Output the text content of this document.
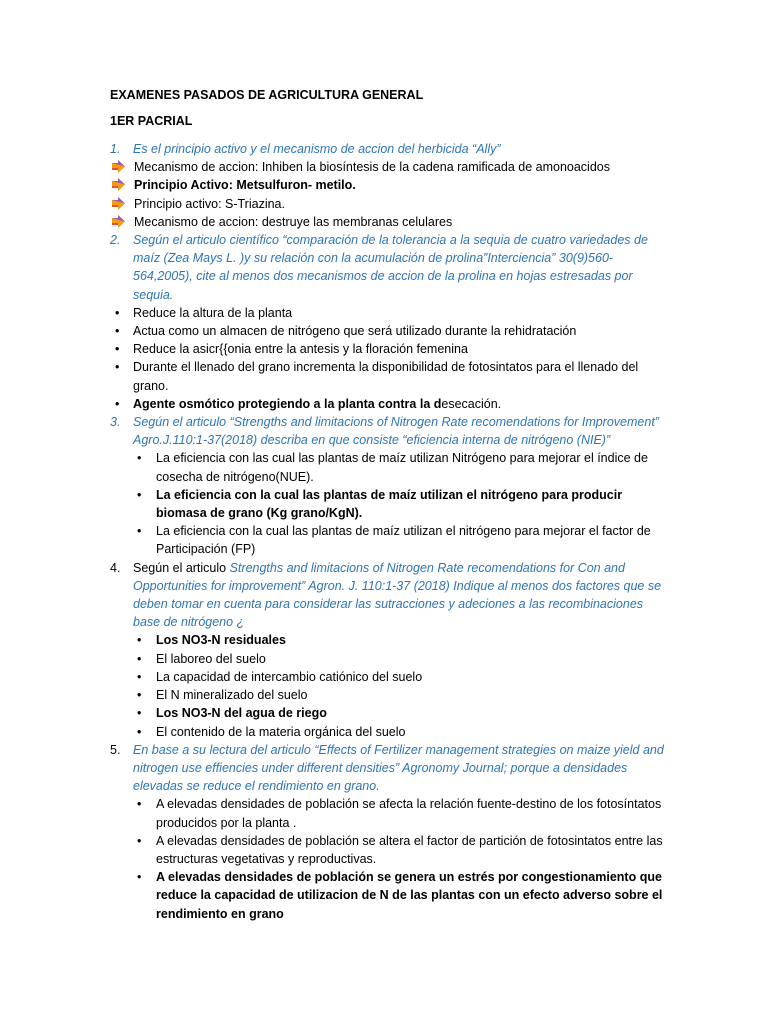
EXAMENES PASADOS DE AGRICULTURA GENERAL
1ER PACRIAL
1. Es el principio activo y el mecanismo de accion del herbicida “Ally”
Mecanismo de accion: Inhiben la biosíntesis de la cadena ramificada de amonoacidos
Principio Activo: Metsulfuron- metilo.
Principio activo: S-Triazina.
Mecanismo de accion: destruye las membranas celulares
2. Según el articulo científico “comparación de la tolerancia a la sequia de cuatro variedades de maíz (Zea Mays L. )y su relación con la acumulación de prolina”Interciencia” 30(9)560-564,2005), cite al menos dos mecanismos de accion de la prolina en hojas estresadas por sequia.
• Reduce la altura de la planta
• Actua como un almacen de nitrógeno que será utilizado durante la rehidratación
• Reduce la asicr{{onia entre la antesis y la floración femenina
• Durante el llenado del grano incrementa la disponibilidad de fotosintatos para el llenado del grano.
• Agente osmótico protegiendo a la planta contra la desecación.
3. Según el articulo “Strengths and limitacions of Nitrogen Rate recomendations for Improvement” Agro.J.110:1-37(2018) describa en que consiste “eficiencia interna de nitrógeno (NIE)”
• La eficiencia con las cual las plantas de maíz utilizan Nitrógeno para mejorar el índice de cosecha de nitrógeno(NUE).
• La eficiencia con la cual las plantas de maíz utilizan el nitrógeno para producir biomasa de grano (Kg grano/KgN).
• La eficiencia con la cual las plantas de maíz utilizan el nitrógeno para mejorar el factor de Participación (FP)
4. Según el articulo Strengths and limitacions of Nitrogen Rate recomendations for Con and Opportunities for improvement” Agron. J. 110:1-37 (2018) Indique al menos dos factores que se deben tomar en cuenta para considerar las sutracciones y adeciones a las recombinaciones base de nitrógeno ¿
• Los NO3-N residuales
• El laboreo del suelo
• La capacidad de intercambio catiónico del suelo
• El N mineralizado del suelo
• Los NO3-N del agua de riego
• El contenido de la materia orgánica del suelo
5. En base a su lectura del articulo “Effects of Fertilizer management strategies on maize yield and nitrogen use effiencies under different densities” Agronomy Journal; porque a densidades elevadas se reduce el rendimiento en grano.
• A elevadas densidades de población se afecta la relación fuente-destino de los fotosíntatos producidos por la planta .
• A elevadas densidades de población se altera el factor de partición de fotosintatos entre las estructuras vegetativas y reproductivas.
• A elevadas densidades de población se genera un estrés por congestionamiento que reduce la capacidad de utilizacion de N de las plantas con un efecto adverso sobre el rendimiento en grano
